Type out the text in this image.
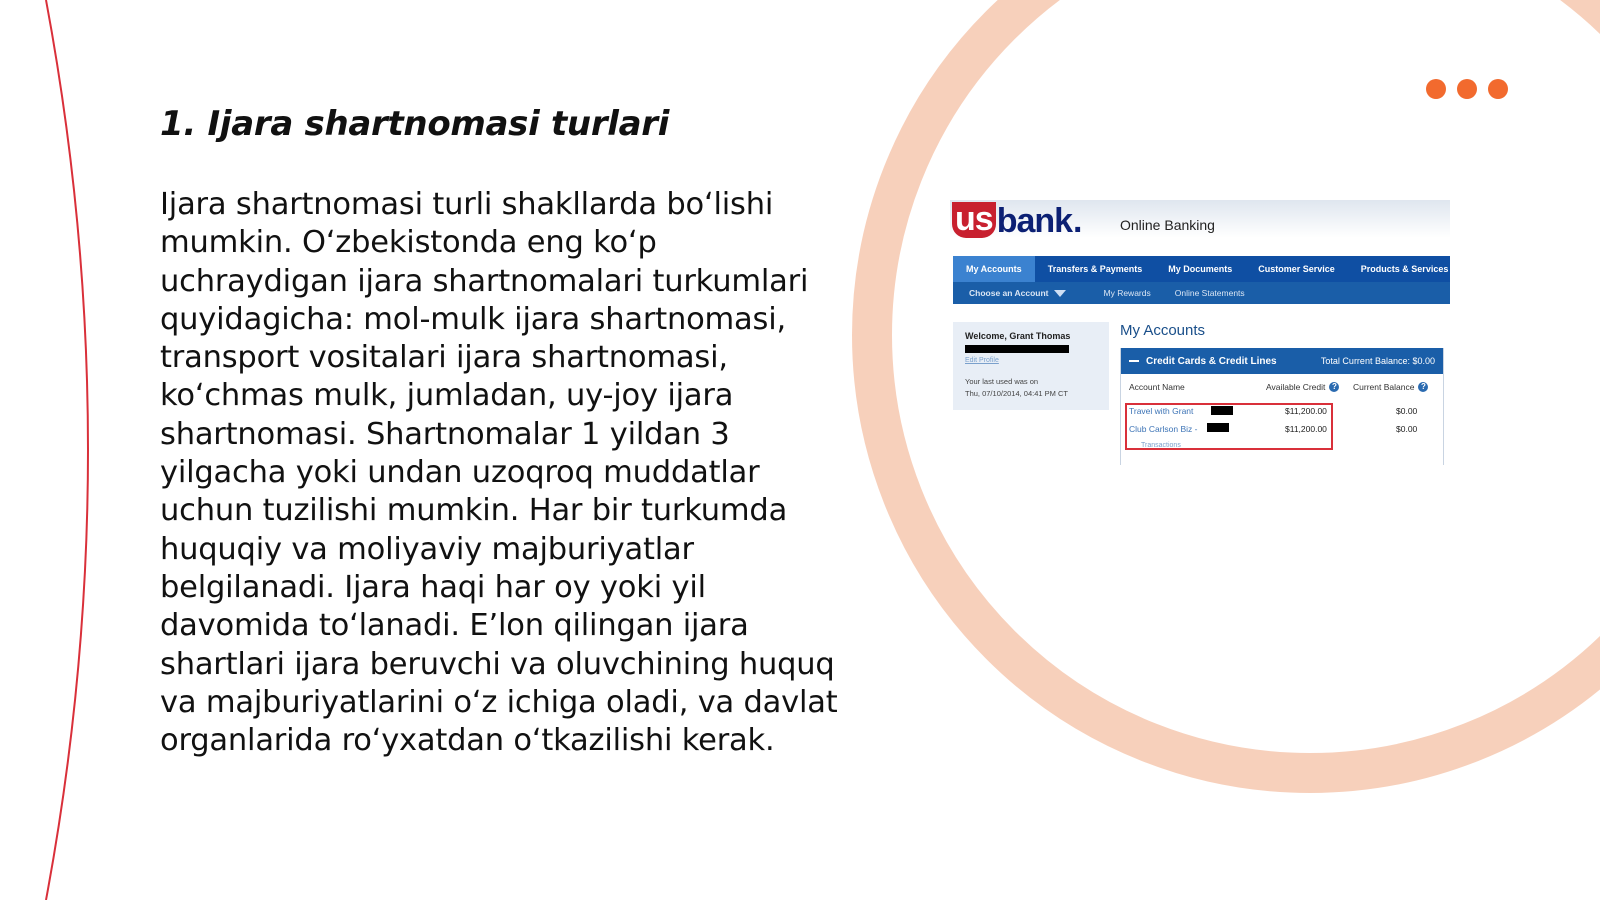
1. Ijara shartnomasi turlari

Ijara shartnomasi turli shakllarda bo‘lishi mumkin. O‘zbekistonda eng ko‘p uchraydigan ijara shartnomalari turkumlari quyidagicha: mol-mulk ijara shartnomasi, transport vositalari ijara shartnomasi, ko‘chmas mulk, jumladan, uy-joy ijara shartnomasi. Shartnomalar 1 yildan 3 yilgacha yoki undan uzoqroq muddatlar uchun tuzilishi mumkin. Har bir turkumda huquqiy va moliyaviy majburiyatlar belgilanadi. Ijara haqi har oy yoki yil davomida to‘lanadi. E’lon qilingan ijara shartlari ijara beruvchi va oluvchining huquq va majburiyatlarini o‘z ichiga oladi, va davlat organlarida ro‘yxatdan o‘tkazilishi kerak.

us bank .	Online Banking
My Accounts	Transfers & Payments	My Documents	Customer Service	Products & Services
Choose an Account	My Rewards	Online Statements
Welcome, Grant Thomas
Edit Profile
Your last used was on
Thu, 07/10/2014, 04:41 PM CT
My Accounts
Credit Cards & Credit Lines	Total Current Balance: $0.00
Account Name	Available Credit ?	Current Balance ?
Travel with Grant	$11,200.00	$0.00
Club Carlson Biz -	$11,200.00	$0.00
Transactions
